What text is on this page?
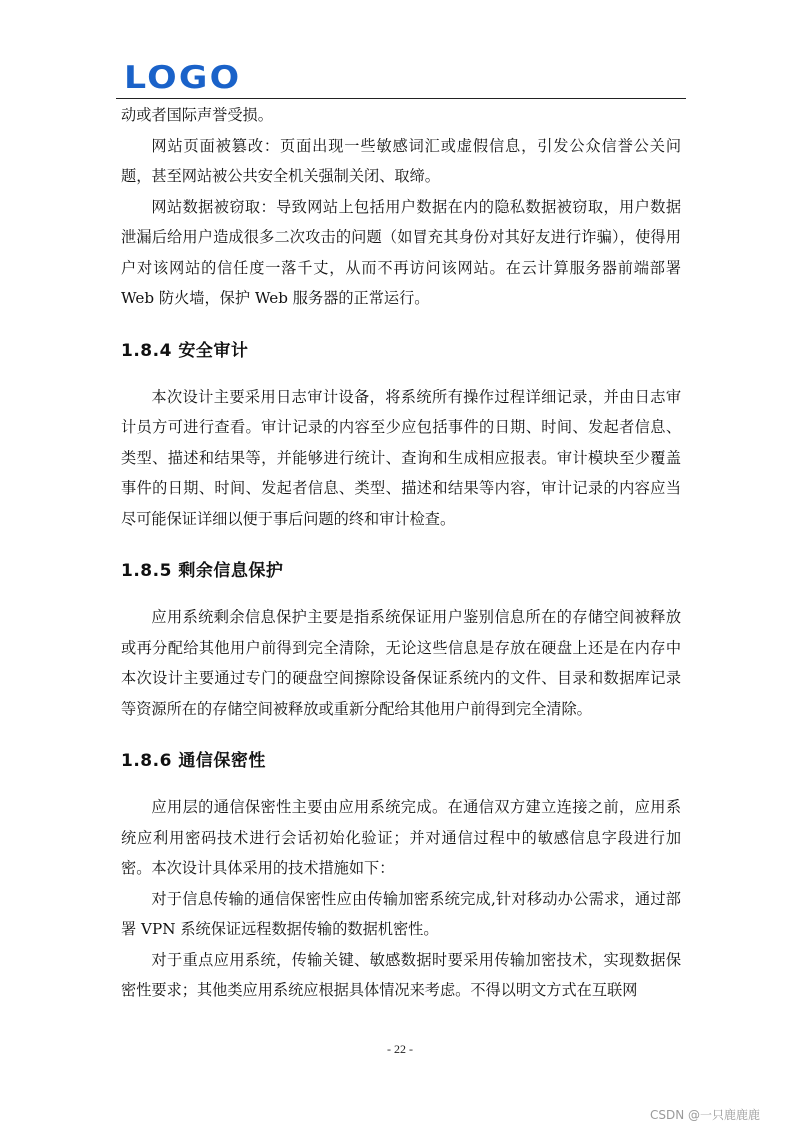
LOGO

动或者国际声誉受损。

网站页面被篡改：页面出现一些敏感词汇或虚假信息，引发公众信誉公关问题，甚至网站被公共安全机关强制关闭、取缔。

网站数据被窃取：导致网站上包括用户数据在内的隐私数据被窃取，用户数据泄漏后给用户造成很多二次攻击的问题（如冒充其身份对其好友进行诈骗），使得用户对该网站的信任度一落千丈，从而不再访问该网站。在云计算服务器前端部署 Web 防火墙，保护 Web 服务器的正常运行。

1.8.4 安全审计

本次设计主要采用日志审计设备，将系统所有操作过程详细记录，并由日志审计员方可进行查看。审计记录的内容至少应包括事件的日期、时间、发起者信息、类型、描述和结果等，并能够进行统计、查询和生成相应报表。审计模块至少覆盖事件的日期、时间、发起者信息、类型、描述和结果等内容，审计记录的内容应当尽可能保证详细以便于事后问题的终和审计检查。

1.8.5 剩余信息保护

应用系统剩余信息保护主要是指系统保证用户鉴别信息所在的存储空间被释放或再分配给其他用户前得到完全清除，无论这些信息是存放在硬盘上还是在内存中本次设计主要通过专门的硬盘空间擦除设备保证系统内的文件、目录和数据库记录等资源所在的存储空间被释放或重新分配给其他用户前得到完全清除。

1.8.6 通信保密性

应用层的通信保密性主要由应用系统完成。在通信双方建立连接之前，应用系统应利用密码技术进行会话初始化验证；并对通信过程中的敏感信息字段进行加密。本次设计具体采用的技术措施如下：

对于信息传输的通信保密性应由传输加密系统完成,针对移动办公需求，通过部署 VPN 系统保证远程数据传输的数据机密性。

对于重点应用系统，传输关键、敏感数据时要采用传输加密技术，实现数据保密性要求；其他类应用系统应根据具体情况来考虑。不得以明文方式在互联网

- 22 -
CSDN @一只鹿鹿鹿
